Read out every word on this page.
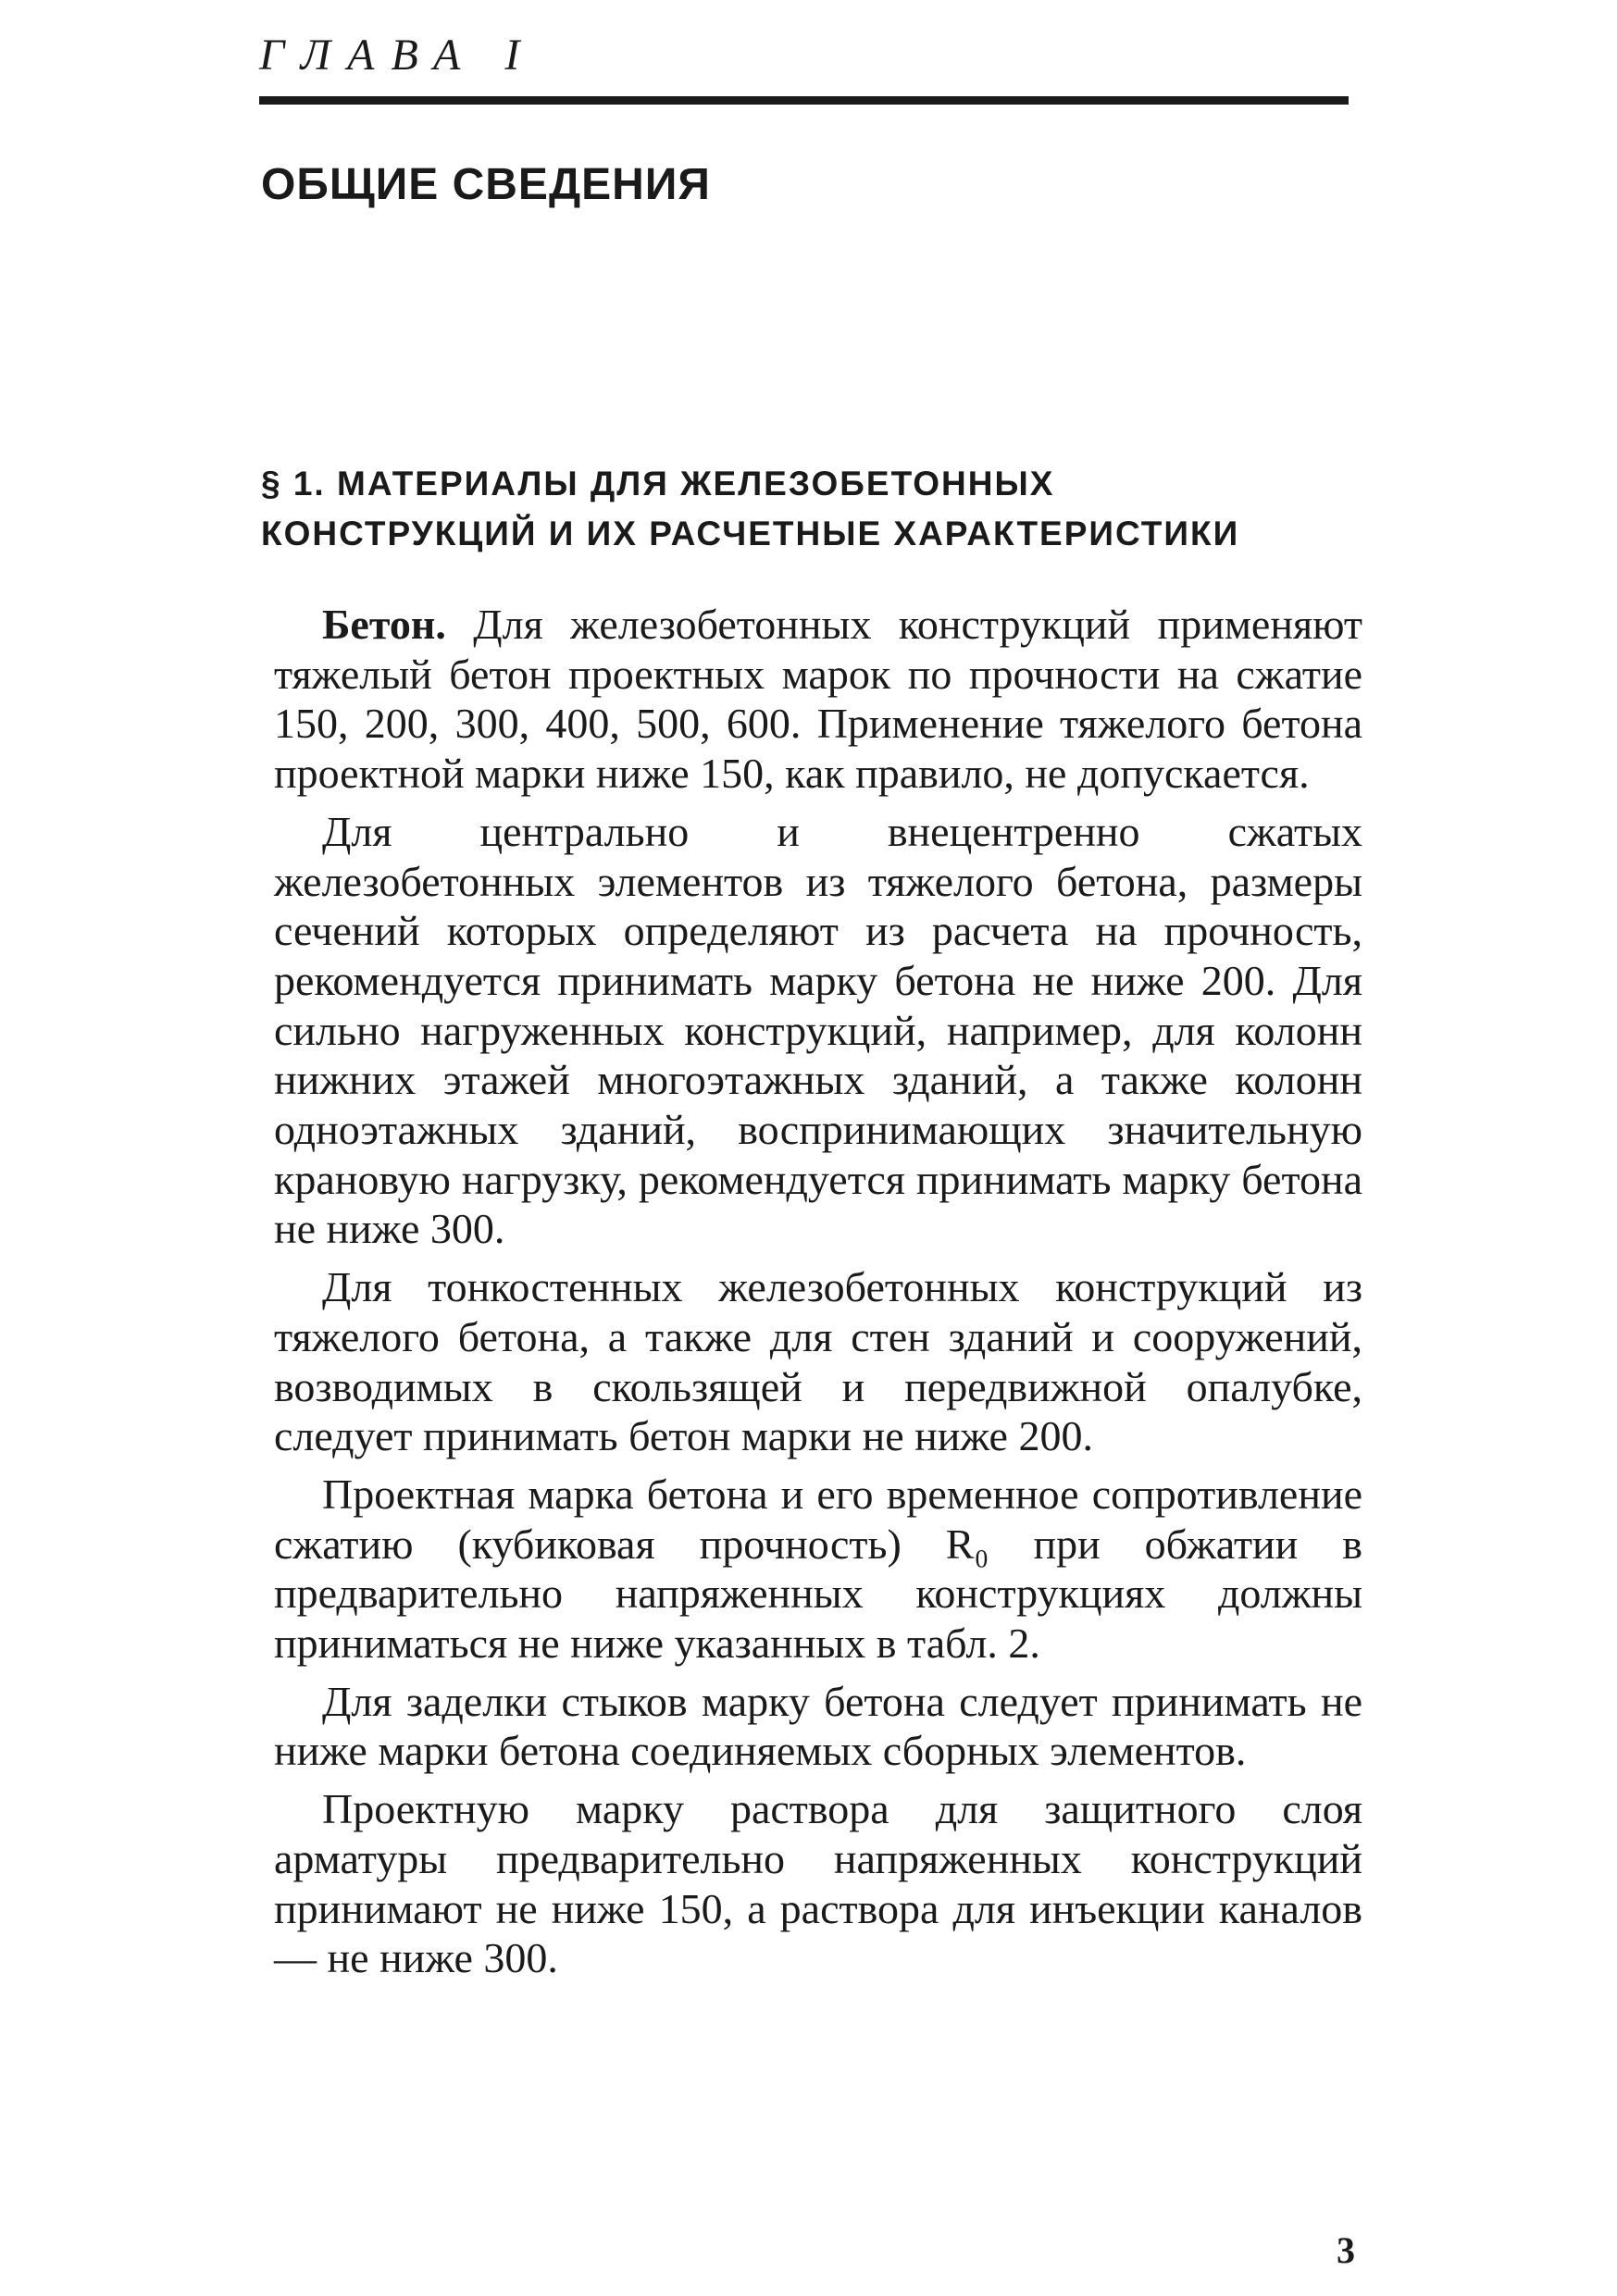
ГЛАВА I
ОБЩИЕ СВЕДЕНИЯ
§ 1. МАТЕРИАЛЫ ДЛЯ ЖЕЛЕЗОБЕТОННЫХ
КОНСТРУКЦИЙ И ИХ РАСЧЕТНЫЕ ХАРАКТЕРИСТИКИ

Бетон. Для железобетонных конструкций применяют тяжелый бетон проектных марок по прочности на сжатие 150, 200, 300, 400, 500, 600. Применение тяжелого бетона проектной марки ниже 150, как правило, не допускается.

Для центрально и внецентренно сжатых железобетонных элементов из тяжелого бетона, размеры сечений которых определяют из расчета на прочность, рекомендуется принимать марку бетона не ниже 200. Для сильно нагруженных конструкций, например, для колонн нижних этажей многоэтажных зданий, а также колонн одноэтажных зданий, воспринимающих значительную крановую нагрузку, рекомендуется принимать марку бетона не ниже 300.

Для тонкостенных железобетонных конструкций из тяжелого бетона, а также для стен зданий и сооружений, возводимых в скользящей и передвижной опалубке, следует принимать бетон марки не ниже 200.

Проектная марка бетона и его временное сопротивление сжатию (кубиковая прочность) R₀ при обжатии в предварительно напряженных конструкциях должны приниматься не ниже указанных в табл. 2.

Для заделки стыков марку бетона следует принимать не ниже марки бетона соединяемых сборных элементов.

Проектную марку раствора для защитного слоя арматуры предварительно напряженных конструкций принимают не ниже 150, а раствора для инъекции каналов — не ниже 300.

3
